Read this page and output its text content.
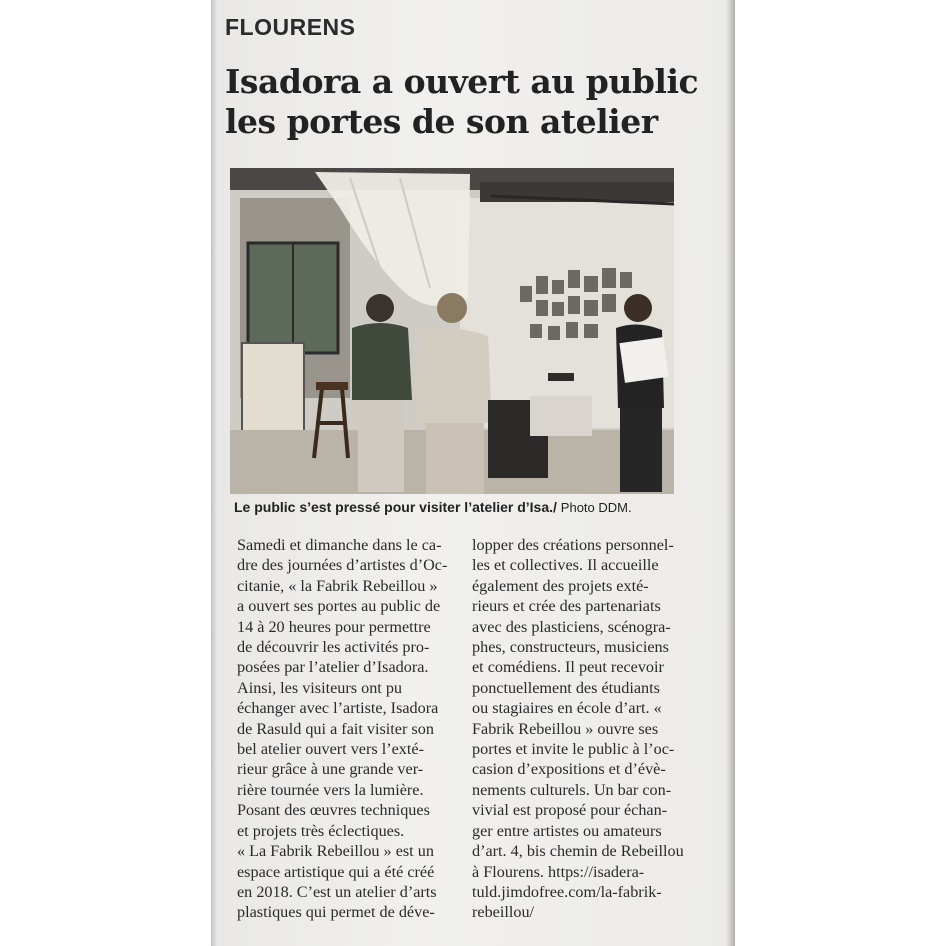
FLOURENS
Isadora a ouvert au public
les portes de son atelier
Le public s’est pressé pour visiter l’atelier d’Isa./ Photo DDM.
Samedi et dimanche dans le ca-
dre des journées d’artistes d’Oc-
citanie, « la Fabrik Rebeillou »
a ouvert ses portes au public de
14 à 20 heures pour permettre
de découvrir les activités pro-
posées par l’atelier d’Isadora.
Ainsi, les visiteurs ont pu
échanger avec l’artiste, Isadora
de Rasuld qui a fait visiter son
bel atelier ouvert vers l’exté-
rieur grâce à une grande ver-
rière tournée vers la lumière.
Posant des œuvres techniques
et projets très éclectiques.
« La Fabrik Rebeillou » est un
espace artistique qui a été créé
en 2018. C’est un atelier d’arts
plastiques qui permet de déve-
lopper des créations personnel-
les et collectives. Il accueille
également des projets exté-
rieurs et crée des partenariats
avec des plasticiens, scénogra-
phes, constructeurs, musiciens
et comédiens. Il peut recevoir
ponctuellement des étudiants
ou stagiaires en école d’art. «
Fabrik Rebeillou » ouvre ses
portes et invite le public à l’oc-
casion d’expositions et d’évè-
nements culturels. Un bar con-
vivial est proposé pour échan-
ger entre artistes ou amateurs
d’art. 4, bis chemin de Rebeillou
à Flourens. https://isadera-
tuld.jimdofree.com/la-fabrik-
rebeillou/
